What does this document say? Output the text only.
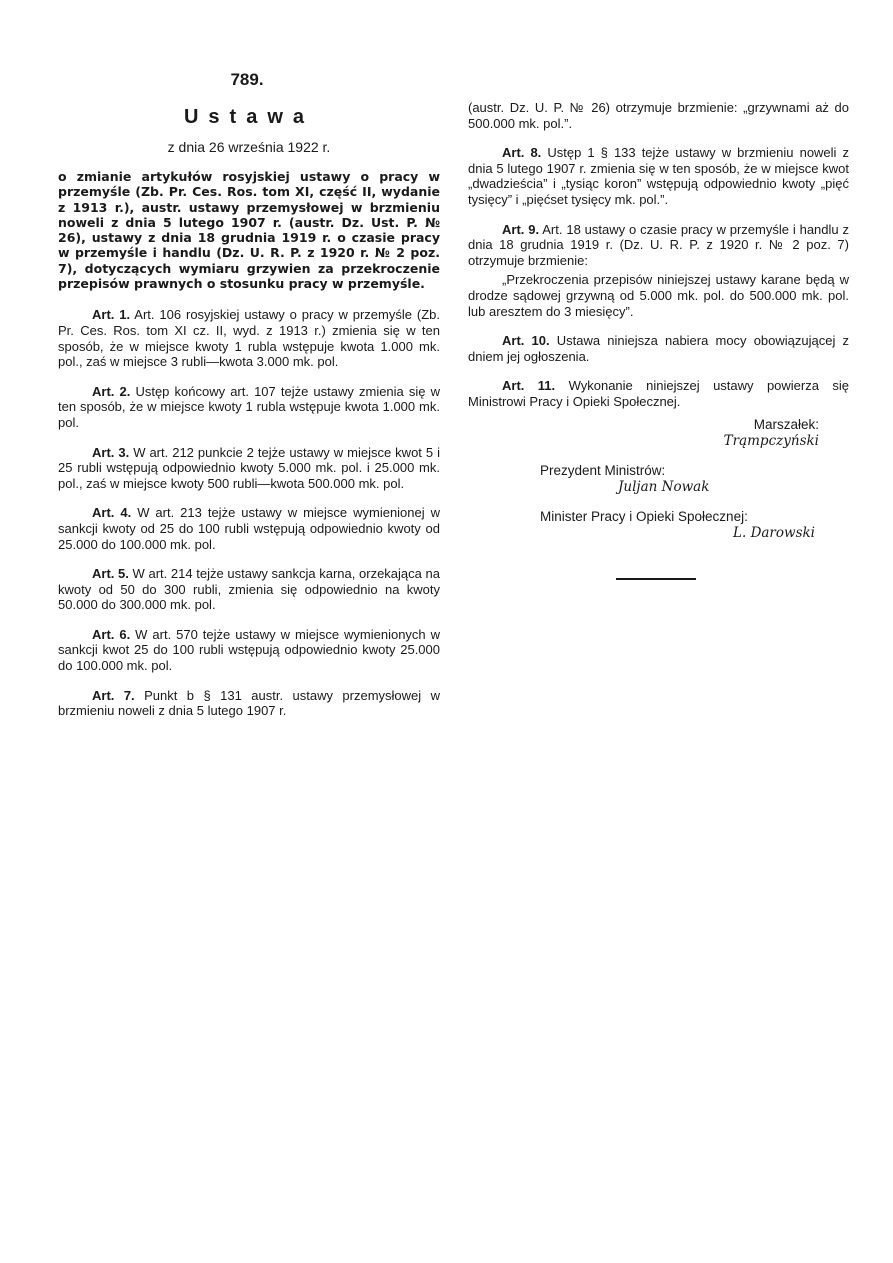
789.
Ustawa
z dnia 26 września 1922 r.
o zmianie artykułów rosyjskiej ustawy o pracy w przemyśle (Zb. Pr. Ces. Ros. tom XI, część II, wydanie z 1913 r.), austr. ustawy przemysłowej w brzmieniu noweli z dnia 5 lutego 1907 r. (austr. Dz. Ust. P. № 26), ustawy z dnia 18 grudnia 1919 r. o czasie pracy w przemyśle i handlu (Dz. U. R. P. z 1920 r. № 2 poz. 7), dotyczących wymiaru grzywien za przekroczenie przepisów prawnych o stosunku pracy w przemyśle.

Art. 1. Art. 106 rosyjskiej ustawy o pracy w przemyśle (Zb. Pr. Ces. Ros. tom XI cz. II, wyd. z 1913 r.) zmienia się w ten sposób, że w miejsce kwoty 1 rubla wstępuje kwota 1.000 mk. pol., zaś w miejsce 3 rubli—kwota 3.000 mk. pol.

Art. 2. Ustęp końcowy art. 107 tejże ustawy zmienia się w ten sposób, że w miejsce kwoty 1 rubla wstępuje kwota 1.000 mk. pol.

Art. 3. W art. 212 punkcie 2 tejże ustawy w miejsce kwot 5 i 25 rubli wstępują odpowiednio kwoty 5.000 mk. pol. i 25.000 mk. pol., zaś w miejsce kwoty 500 rubli—kwota 500.000 mk. pol.

Art. 4. W art. 213 tejże ustawy w miejsce wymienionej w sankcji kwoty od 25 do 100 rubli wstępują odpowiednio kwoty od 25.000 do 100.000 mk. pol.

Art. 5. W art. 214 tejże ustawy sankcja karna, orzekająca na kwoty od 50 do 300 rubli, zmienia się odpowiednio na kwoty 50.000 do 300.000 mk. pol.

Art. 6. W art. 570 tejże ustawy w miejsce wymienionych w sankcji kwot 25 do 100 rubli wstępują odpowiednio kwoty 25.000 do 100.000 mk. pol.

Art. 7. Punkt b § 131 austr. ustawy przemysłowej w brzmieniu noweli z dnia 5 lutego 1907 r.

(austr. Dz. U. P. № 26) otrzymuje brzmienie: „grzywnami aż do 500.000 mk. pol.”.

Art. 8. Ustęp 1 § 133 tejże ustawy w brzmieniu noweli z dnia 5 lutego 1907 r. zmienia się w ten sposób, że w miejsce kwot „dwadzieścia” i „tysiąc koron” wstępują odpowiednio kwoty „pięć tysięcy” i „pięćset tysięcy mk. pol.”.

Art. 9. Art. 18 ustawy o czasie pracy w przemyśle i handlu z dnia 18 grudnia 1919 r. (Dz. U. R. P. z 1920 r. № 2 poz. 7) otrzymuje brzmienie:

„Przekroczenia przepisów niniejszej ustawy karane będą w drodze sądowej grzywną od 5.000 mk. pol. do 500.000 mk. pol. lub aresztem do 3 miesięcy”.

Art. 10. Ustawa niniejsza nabiera mocy obowiązującej z dniem jej ogłoszenia.

Art. 11. Wykonanie niniejszej ustawy powierza się Ministrowi Pracy i Opieki Społecznej.

Marszałek:
Trąmpczyński
Prezydent Ministrów:
Juljan Nowak
Minister Pracy i Opieki Społecznej:
L. Darowski
